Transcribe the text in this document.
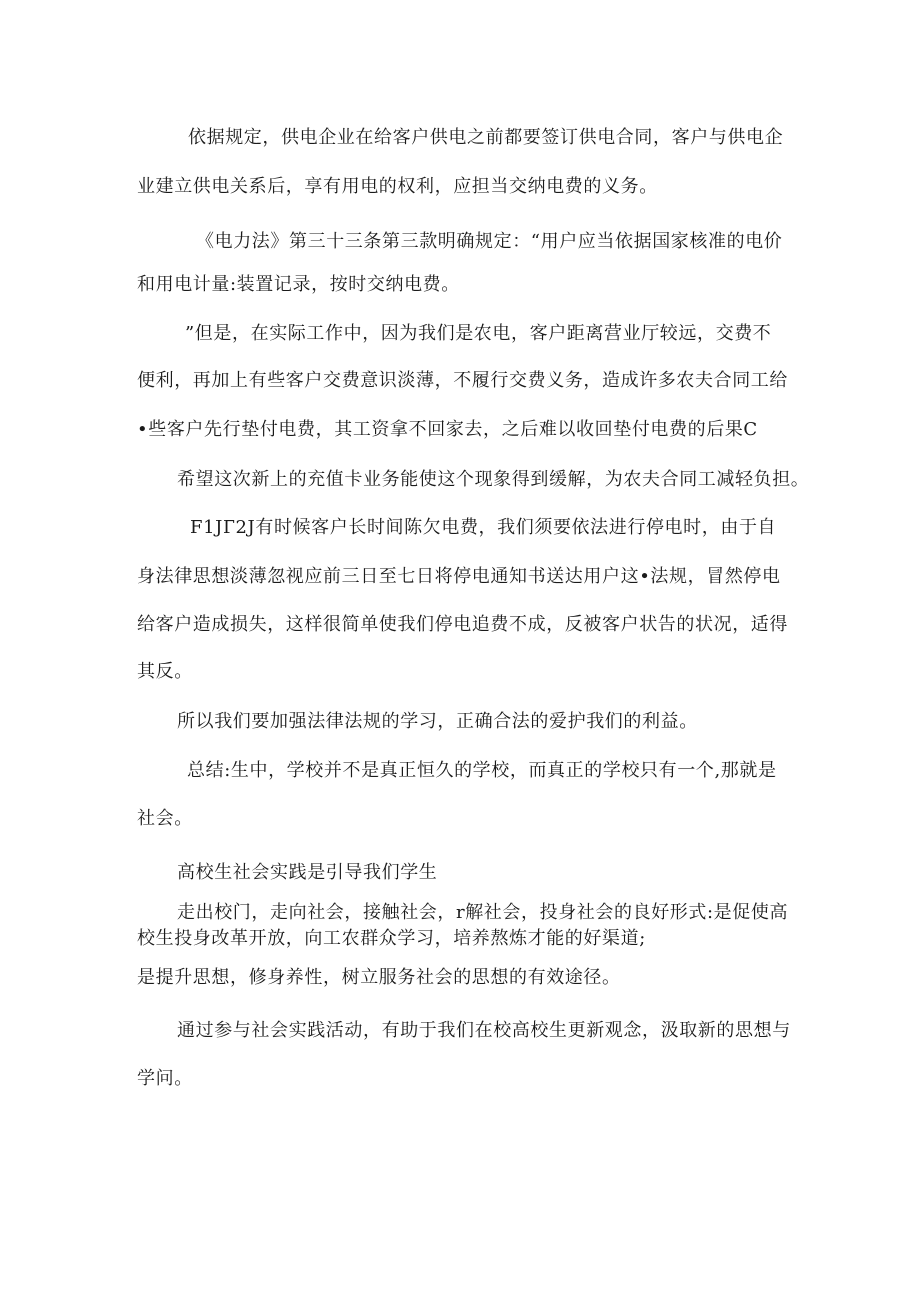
依据规定，供电企业在给客户供电之前都要签订供电合同，客户与供电企
业建立供电关系后，享有用电的权利，应担当交纳电费的义务。
《电力法》第三十三条第三款明确规定：“用户应当依据国家核准的电价
和用电计量:装置记录，按时交纳电费。
”但是，在实际工作中，因为我们是农电，客户距离营业厅较远，交费不
便利，再加上有些客户交费意识淡薄，不履行交费义务，造成许多农夫合同工给
•些客户先行垫付电费，其工资拿不回家去，之后难以收回垫付电费的后果C
希望这次新上的充值卡业务能使这个现象得到缓解，为农夫合同工减轻负担。
F1JГ2J有时候客户长时间陈欠电费，我们须要依法进行停电时，由于自
身法律思想淡薄忽视应前三日至七日将停电通知书送达用户这•法规，冒然停电
给客户造成损失，这样很简单使我们停电追费不成，反被客户状告的状况，适得
其反。
所以我们要加强法律法规的学习，正确合法的爱护我们的利益。
总结:生中，学校并不是真正恒久的学校，而真正的学校只有一个,那就是
社会。
高校生社会实践是引导我们学生
走出校门，走向社会，接触社会，r解社会，投身社会的良好形式:是促使高
校生投身改革开放，向工农群众学习，培养熬炼才能的好渠道;
是提升思想，修身养性，树立服务社会的思想的有效途径。
通过参与社会实践活动，有助于我们在校高校生更新观念，汲取新的思想与
学问。
